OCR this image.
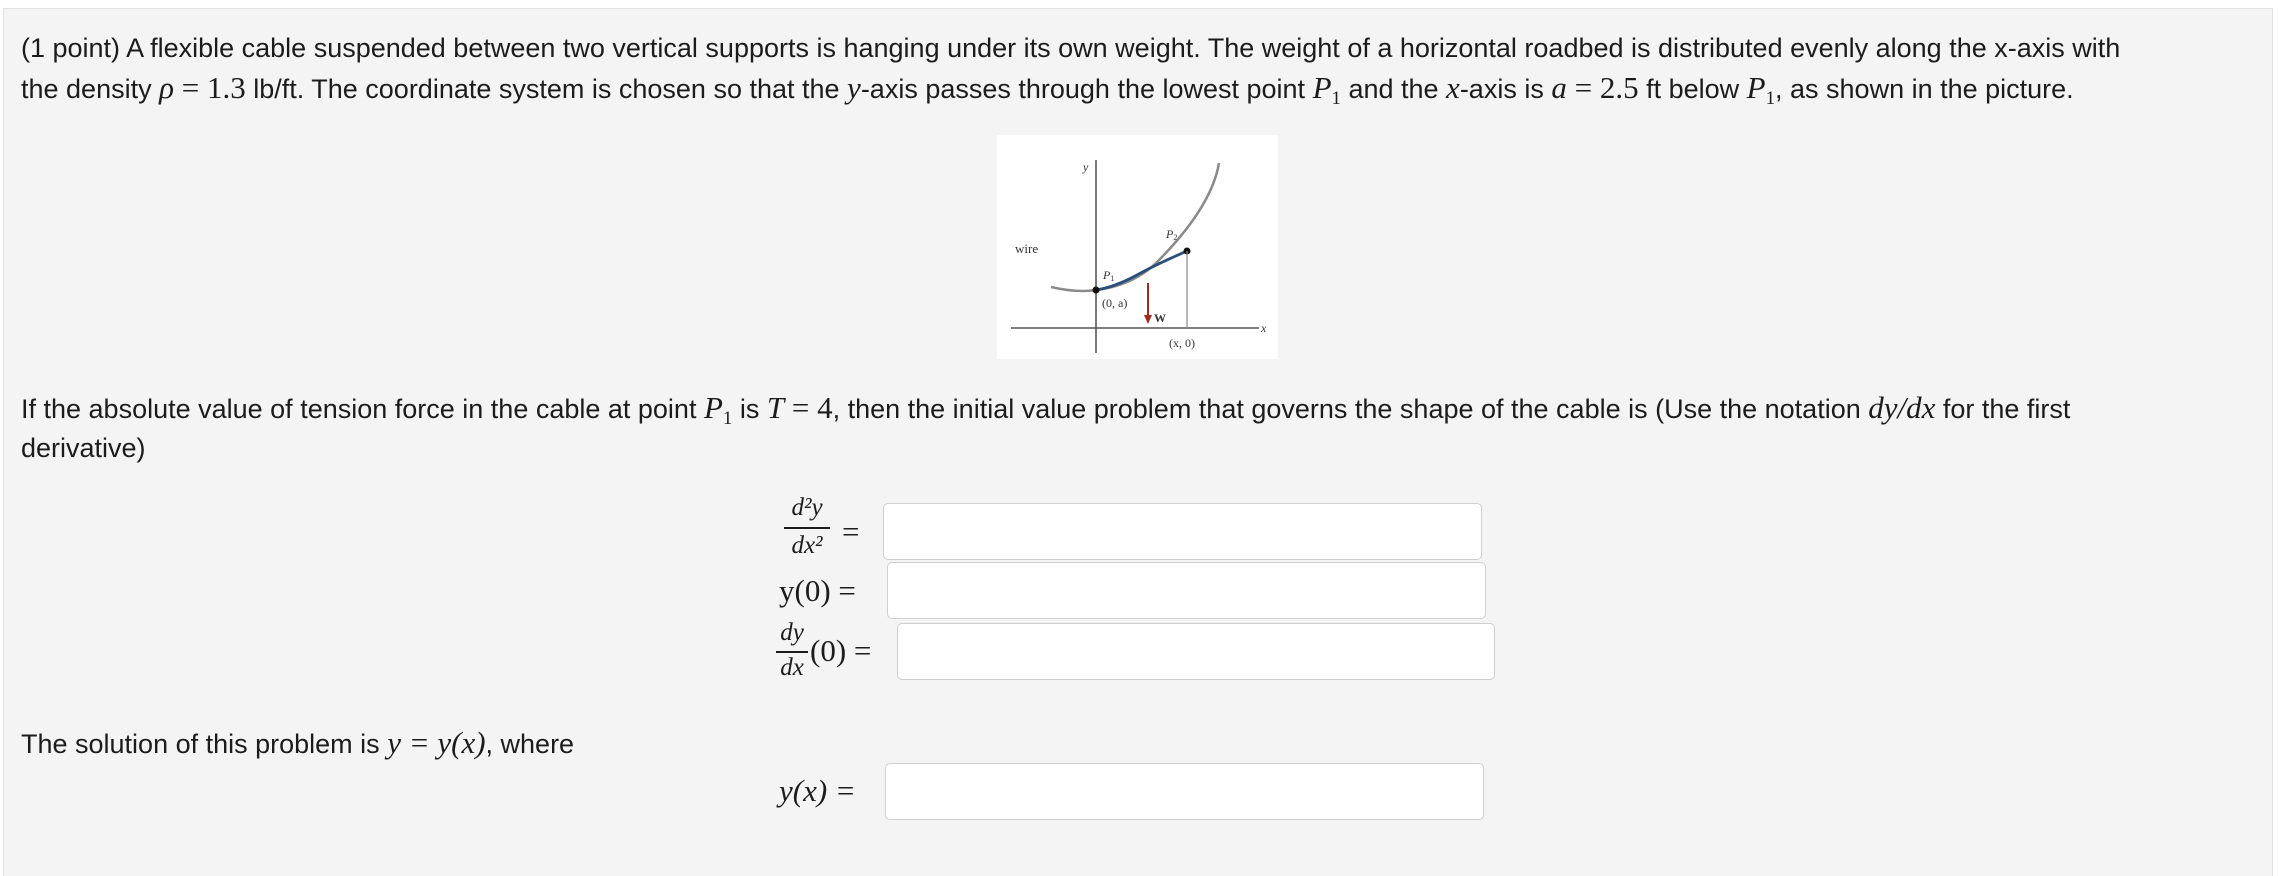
(1 point) A flexible cable suspended between two vertical supports is hanging under its own weight. The weight of a horizontal roadbed is distributed evenly along the x-axis with
the density ρ = 1.3 lb/ft. The coordinate system is chosen so that the y-axis passes through the lowest point $P_1$ and the x-axis is a = 2.5 ft below $P_1$, as shown in the picture.
y
x
wire
P1
P2
(0, a)
W
(x, 0)
If the absolute value of tension force in the cable at point $P_1$ is T = 4, then the initial value problem that governs the shape of the cable is (Use the notation dy/dx for the first
derivative)
d²y
dx² =
y(0) =
dy
dx (0) =
The solution of this problem is y = y(x), where
y(x) =
